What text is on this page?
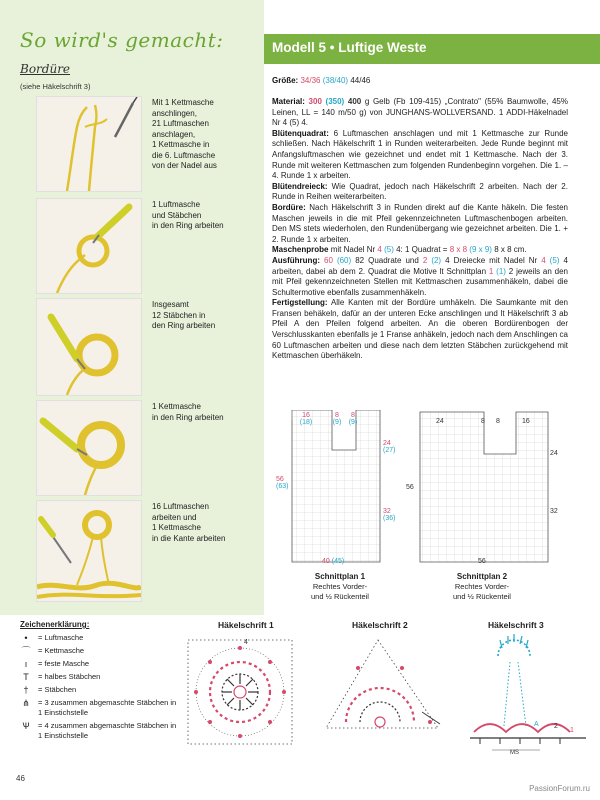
So wird's gemacht:
Bordüre
(siehe Häkelschrift 3)
Mit 1 Kettmasche
anschlingen,
21 Luftmaschen
anschlagen,
1 Kettmasche in
die 6. Luftmasche
von der Nadel aus
1 Luftmasche
und Stäbchen
in den Ring arbeiten
Insgesamt
12 Stäbchen in
den Ring arbeiten
1 Kettmasche
in den Ring arbeiten
16 Luftmaschen
arbeiten und
1 Kettmasche
in die Kante arbeiten
Modell 5 • Luftige Weste
Größe: 34/36 (38/40) 44/46
Material: 300 (350) 400 g Gelb (Fb 109-415) „Contrato" (55% Baumwolle, 45% Leinen, LL = 140 m/50 g) von JUNGHANS-WOLLVERSAND. 1 ADDI-Häkelnadel Nr 4 (5) 4.
Blütenquadrat: 6 Luftmaschen anschlagen und mit 1 Kettmasche zur Runde schließen. Nach Häkelschrift 1 in Runden weiterarbeiten. Jede Runde beginnt mit Anfangsluftmaschen wie gezeichnet und endet mit 1 Kettmasche. Nach der 3. Runde mit weiteren Kettmaschen zum folgenden Rundenbeginn vorgehen. Die 1. – 4. Runde 1 x arbeiten.
Blütendreieck: Wie Quadrat, jedoch nach Häkelschrift 2 arbeiten. Nach der 2. Runde in Reihen weiterarbeiten.
Bordüre: Nach Häkelschrift 3 in Runden direkt auf die Kante häkeln. Die festen Maschen jeweils in die mit Pfeil gekennzeichneten Luftmaschenbogen arbeiten. Den MS stets wiederholen, den Rundenübergang wie gezeichnet arbeiten. Die 1. + 2. Runde 1 x arbeiten.
Maschenprobe mit Nadel Nr 4 (5) 4: 1 Quadrat = 8 x 8 (9 x 9) 8 x 8 cm.
Ausführung: 60 (60) 82 Quadrate und 2 (2) 4 Dreiecke mit Nadel Nr 4 (5) 4 arbeiten, dabei ab dem 2. Quadrat die Motive lt Schnittplan 1 (1) 2 jeweils an den mit Pfeil gekennzeichneten Stellen mit Kettmaschen zusammenhäkeln, dabei die Schultermotive ebenfalls zusammenhäkeln.
Fertigstellung: Alle Kanten mit der Bordüre umhäkeln. Die Saumkante mit den Fransen behäkeln, dafür an der unteren Ecke anschlingen und lt Häkelschrift 3 ab Pfeil A den Pfeilen folgend arbeiten. An die oberen Bordürenbogen der Verschlusskanten ebenfalls je 1 Franse anhäkeln, jedoch nach dem Anschlingen ca 60 Luftmaschen arbeiten und diese nach dem letzten Stäbchen zurückgehend mit Kettmaschen überhäkeln.
16
(18)
8
(9)
8
(9)
24
(27)
56
(63)
32
(36)
40 (45)
Schnittplan 1
Rechtes Vorder-
und ½ Rückenteil
24	8 8	16
24
56
32
56
Schnittplan 2
Rechtes Vorder-
und ½ Rückenteil
Zeichenerklärung:
•	= Luftmasche
⌒ = Kettmasche
ı	= feste Masche
T	= halbes Stäbchen
†	= Stäbchen
⋔ = 3 zusammen abgemaschte Stäbchen in 1 Einstichstelle
Ѱ	= 4 zusammen abgemaschte Stäbchen in 1 Einstichstelle
Häkelschrift 1	Häkelschrift 2	Häkelschrift 3
4
MS
A
1
2
46
PassionForum.ru
